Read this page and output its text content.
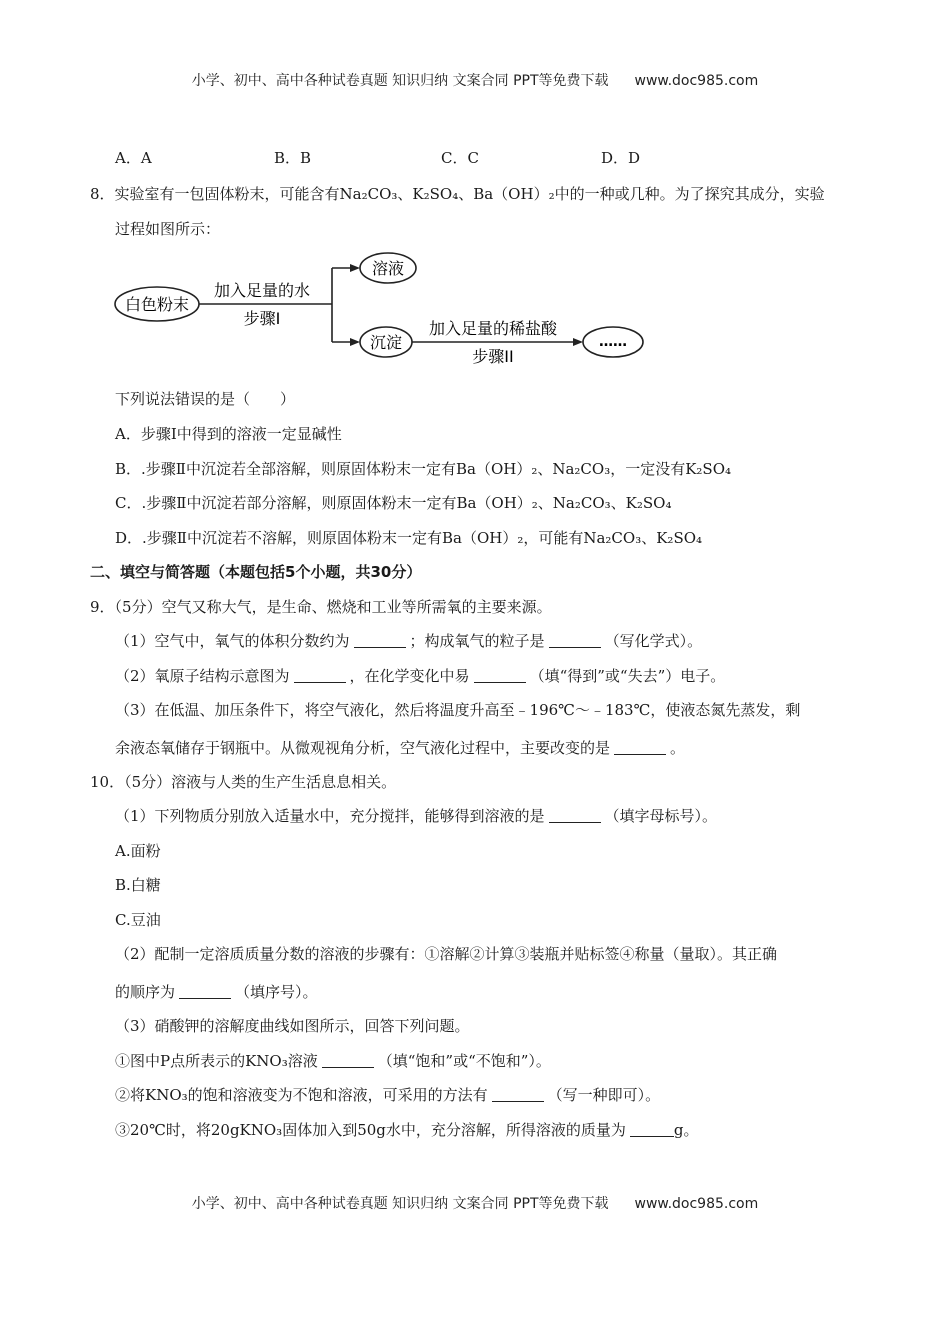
小学、初中、高中各种试卷真题 知识归纳 文案合同 PPT等免费下载 www.doc985.com
A．A	B．B	C．C	D．D
8．实验室有一包固体粉末，可能含有Na₂CO₃、K₂SO₄、Ba（OH）₂中的一种或几种。为了探究其成分，实验
过程如图所示：
白色粉末
加入足量的水
步骤I
溶液
沉淀
加入足量的稀盐酸
步骤II
……
下列说法错误的是（　　）
A．步骤Ⅰ中得到的溶液一定显碱性
B．.步骤Ⅱ中沉淀若全部溶解，则原固体粉末一定有Ba（OH）₂、Na₂CO₃，一定没有K₂SO₄
C．.步骤Ⅱ中沉淀若部分溶解，则原固体粉末一定有Ba（OH）₂、Na₂CO₃、K₂SO₄
D．.步骤Ⅱ中沉淀若不溶解，则原固体粉末一定有Ba（OH）₂，可能有Na₂CO₃、K₂SO₄
二、填空与简答题（本题包括5个小题，共30分）
9．（5分）空气又称大气，是生命、燃烧和工业等所需氧的主要来源。
（1）空气中，氧气的体积分数约为	；构成氧气的粒子是	（写化学式）。
（2）氧原子结构示意图为	，在化学变化中易	（填“得到”或“失去”）电子。
（3）在低温、加压条件下，将空气液化，然后将温度升高至﹣196℃～﹣183℃，使液态氮先蒸发，剩
余液态氧储存于钢瓶中。从微观视角分析，空气液化过程中，主要改变的是	。
10．（5分）溶液与人类的生产生活息息相关。
（1）下列物质分别放入适量水中，充分搅拌，能够得到溶液的是	（填字母标号）。
A.面粉
B.白糖
C.豆油
（2）配制一定溶质质量分数的溶液的步骤有：①溶解②计算③装瓶并贴标签④称量（量取）。其正确
的顺序为	（填序号）。
（3）硝酸钾的溶解度曲线如图所示，回答下列问题。
①图中P点所表示的KNO₃溶液	（填“饱和”或“不饱和”）。
②将KNO₃的饱和溶液变为不饱和溶液，可采用的方法有	（写一种即可）。
③20℃时，将20gKNO₃固体加入到50g水中，充分溶解，所得溶液的质量为	g。
小学、初中、高中各种试卷真题 知识归纳 文案合同 PPT等免费下载 www.doc985.com
